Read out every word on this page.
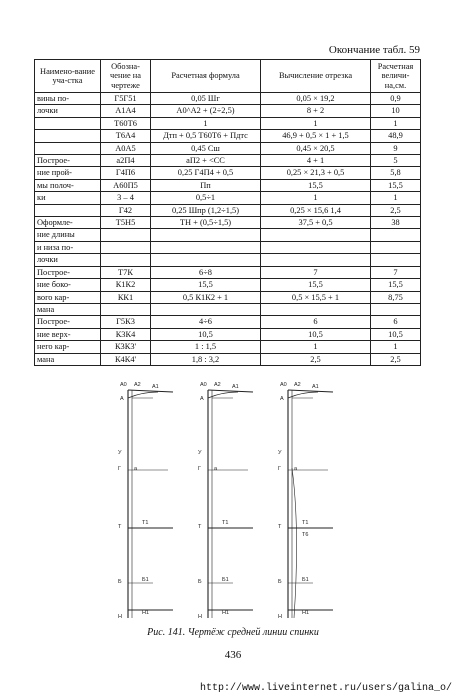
Окончание табл. 59
Наимено-вание уча-стка	Обозна-чение на чертеже	Расчетная формула	Вычисление отрезка	Расчетная величи-на,см.
вины по-	Г5Г51	0,05 Шг	0,05 × 19,2	0,9
лочки	А1А4	А0^А2 + (2÷2,5)	8 + 2	10
	Т60Т6	1	1	1
	Т6А4	Дтп + 0,5 Т60Т6 + Пдтс	46,9 + 0,5 × 1 + 1,5	48,9
	А0А5	0,45 Сш	0,45 × 20,5	9
Построе-	а2П4	аП2 + <СС	4 + 1	5
ние прой-	Г4П6	0,25 Г4П4 + 0,5	0,25 × 21,3 + 0,5	5,8
мы полоч-	А60П5	Пп	15,5	15,5
ки	3 – 4	0,5÷1	1	1
	Г42	0,25 Шпр (1,2÷1,5)	0,25 × 15,6 1,4	2,5
Оформле-	Т5Н5	ТН + (0,5÷1,5)	37,5 + 0,5	38
ние длины				
и низа по-				
лочки				
Построе-	Т7К	6÷8	7	7
ние боко-	К1К2	15,5	15,5	15,5
вого кар-	КК1	0,5 К1К2 + 1	0,5 × 15,5 + 1	8,75
мана				
Построе-	Г5К3	4÷6	6	6
ние верх-	К3К4	10,5	10,5	10,5
него кар-	К3К3'	1 : 1,5	1	1
мана	К4К4'	1,8 : 3,2	2,5	2,5
A0 A2 A1
A
У
Г а
Т
Т1
Б	Б1
Н
Н1
A0 A2 A1
A
У
Г а
Т
Т1
Б	Б1
Н
Н1
A0 A2 A1
A
У
Г а
Т
Т1
Т6
Б	Б1
Н
Н1
Рис. 141. Чертёж средней линии спинки
436
http://www.liveinternet.ru/users/galina_o/
